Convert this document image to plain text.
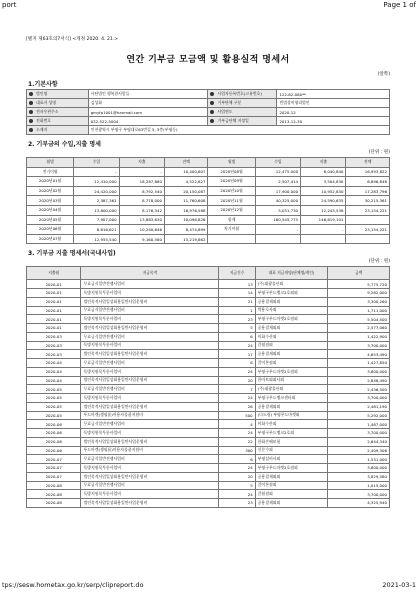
port	Page 1 of
[별지 제63호의7서식] <개정 2020. 4. 21.>
연간 기부금 모금액 및 활용실적 명세서
(앞쪽)
1.기본사항
법인명	사단법인 행복한사람들	사업자등록번호(고유번호)	122-82-080**
대표자 성명	김성화	기부단체 구분	민법상비영리법인
전자우편주소	gmyfp1001@hanmail.com	사업연도	2020-12
전화번호	032-522-5004	기부금단체 지정일	2013-12-30
소재지	인천광역시 부평구 부평대로63번길 5, 3층(부평동)		
2. 기부금의 수입,지출 명세
(단위 : 원)
월별	수입	지출	잔액	월별	수입	지출	잔액
전기이월	-	-	10,400,607	2020년08월	12,475,000	6,040,840	16,993,822
2020년01월	12,410,000	18,287,880	4,522,627	2020년09월	2,507,414	3,504,830	6,896,846
2020년02월	24,420,000	8,792,540	20,150,087	2020년10월	17,900,000	10,952,830	17,283,796
2020년03월	2,487,361	8,778,000	11,760,608	2020년11월	40,325,000	24,590,635	30,215,361
2020년04월	13,800,000	8,176,342	16,976,588	2020년12월	5,031,730	12,243,538	23,154,221
2020년05월	7,907,000	13,883,630	10,096,826	합계	160,545,775	146,619,101	
2020년06월	8,616,621	10,240,646	8,474,899	차기이월	-	-	23,154,221
2020년07월	12,955,540	9,160,580	13,219,862				
3. 기부금 지출 명세서(국내사업)
(단위 : 원)
지출월	지급목적	지급건수	대표 지급처명(단체명/개인)	금액
2020-01	무료급식일반전쟁사업비	13	(주)대광물산외	5,775,720
2020-01	독방지원목투룬사업비	14	부평구푸드뱅크2호외외	9,282,000
2020-01	법인목적사업일상회용일반사업운영비	21	공용결제외외	3,300,260
2020-01	무료급식일반전쟁사업비	1	박용로사외	1,711,000
2020-01	독방지원목투룬사업비	23	부평구푸드마켓2호점외	5,504,500
2020-01	법인목적사업일상회용일반사업운영비	5	공용결제외외	2,577,060
2020-03	무료급식일반전쟁사업비	6	이화수산외	1,422,900
2020-03	독방지원목투룬사업비	24	갈월점외	3,700,000
2020-03	법인목적사업일상회용일반사업운영비	17	공용결제외외	4,653,490
2020-04	무료급식일반전쟁사업비	6	갈이본점외	1,427,850
2020-04	독방지원목투룬사업비	24	부평구푸드마켓2호점외	3,800,000
2020-04	법인목적사업일상회용일반사업운영비	20	한마트외외사외	2,848,490
2020-05	무료급식일반전쟁사업비	7	(주)대광물산외	2,436,500
2020-05	독방지원목투룬사업비	24	부평구푸드뱅크센터외	3,700,000
2020-05	법인목적사업일상회용일반사업운영비	26	공용결제외외	2,481,190
2020-05	푸드마켓(생필품)이용자물품지원비	500	(다드림) 부평푸드마켓외	5,292,000
2020-06	무료급식일반전쟁사업비	4	이화수산외	1,487,000
2020-06	독방지원목투룬사업비	24	부평구푸드뱅크2호외	3,700,000
2020-06	법인목적사업일상회용일반사업운영비	22	한화손해보험	2,644,340
2020-06	푸드마켓(생필품)이용자물품지원비	300	신문수외	2,409,306
2020-07	무료급식일반전쟁사업비	6	부평설비사외	1,531,000
2020-07	독방지원목투룬사업비	24	부평구푸드마켓2호점외	3,800,000
2020-07	법인목적사업일상회용일반사업운영비	20	공용결제외외	3,829,580
2020-08	무료급식일반전쟁사업비	5	갈이본점외	1,015,000
2020-08	독방지원목투룬사업비	24	갈월점외	3,700,000
2020-08	법인목적사업일상회용일반사업운영비	23	공용결제외외	4,325,940
tps://sesw.hometax.go.kr/serp/clipreport.do	2021-03-1
